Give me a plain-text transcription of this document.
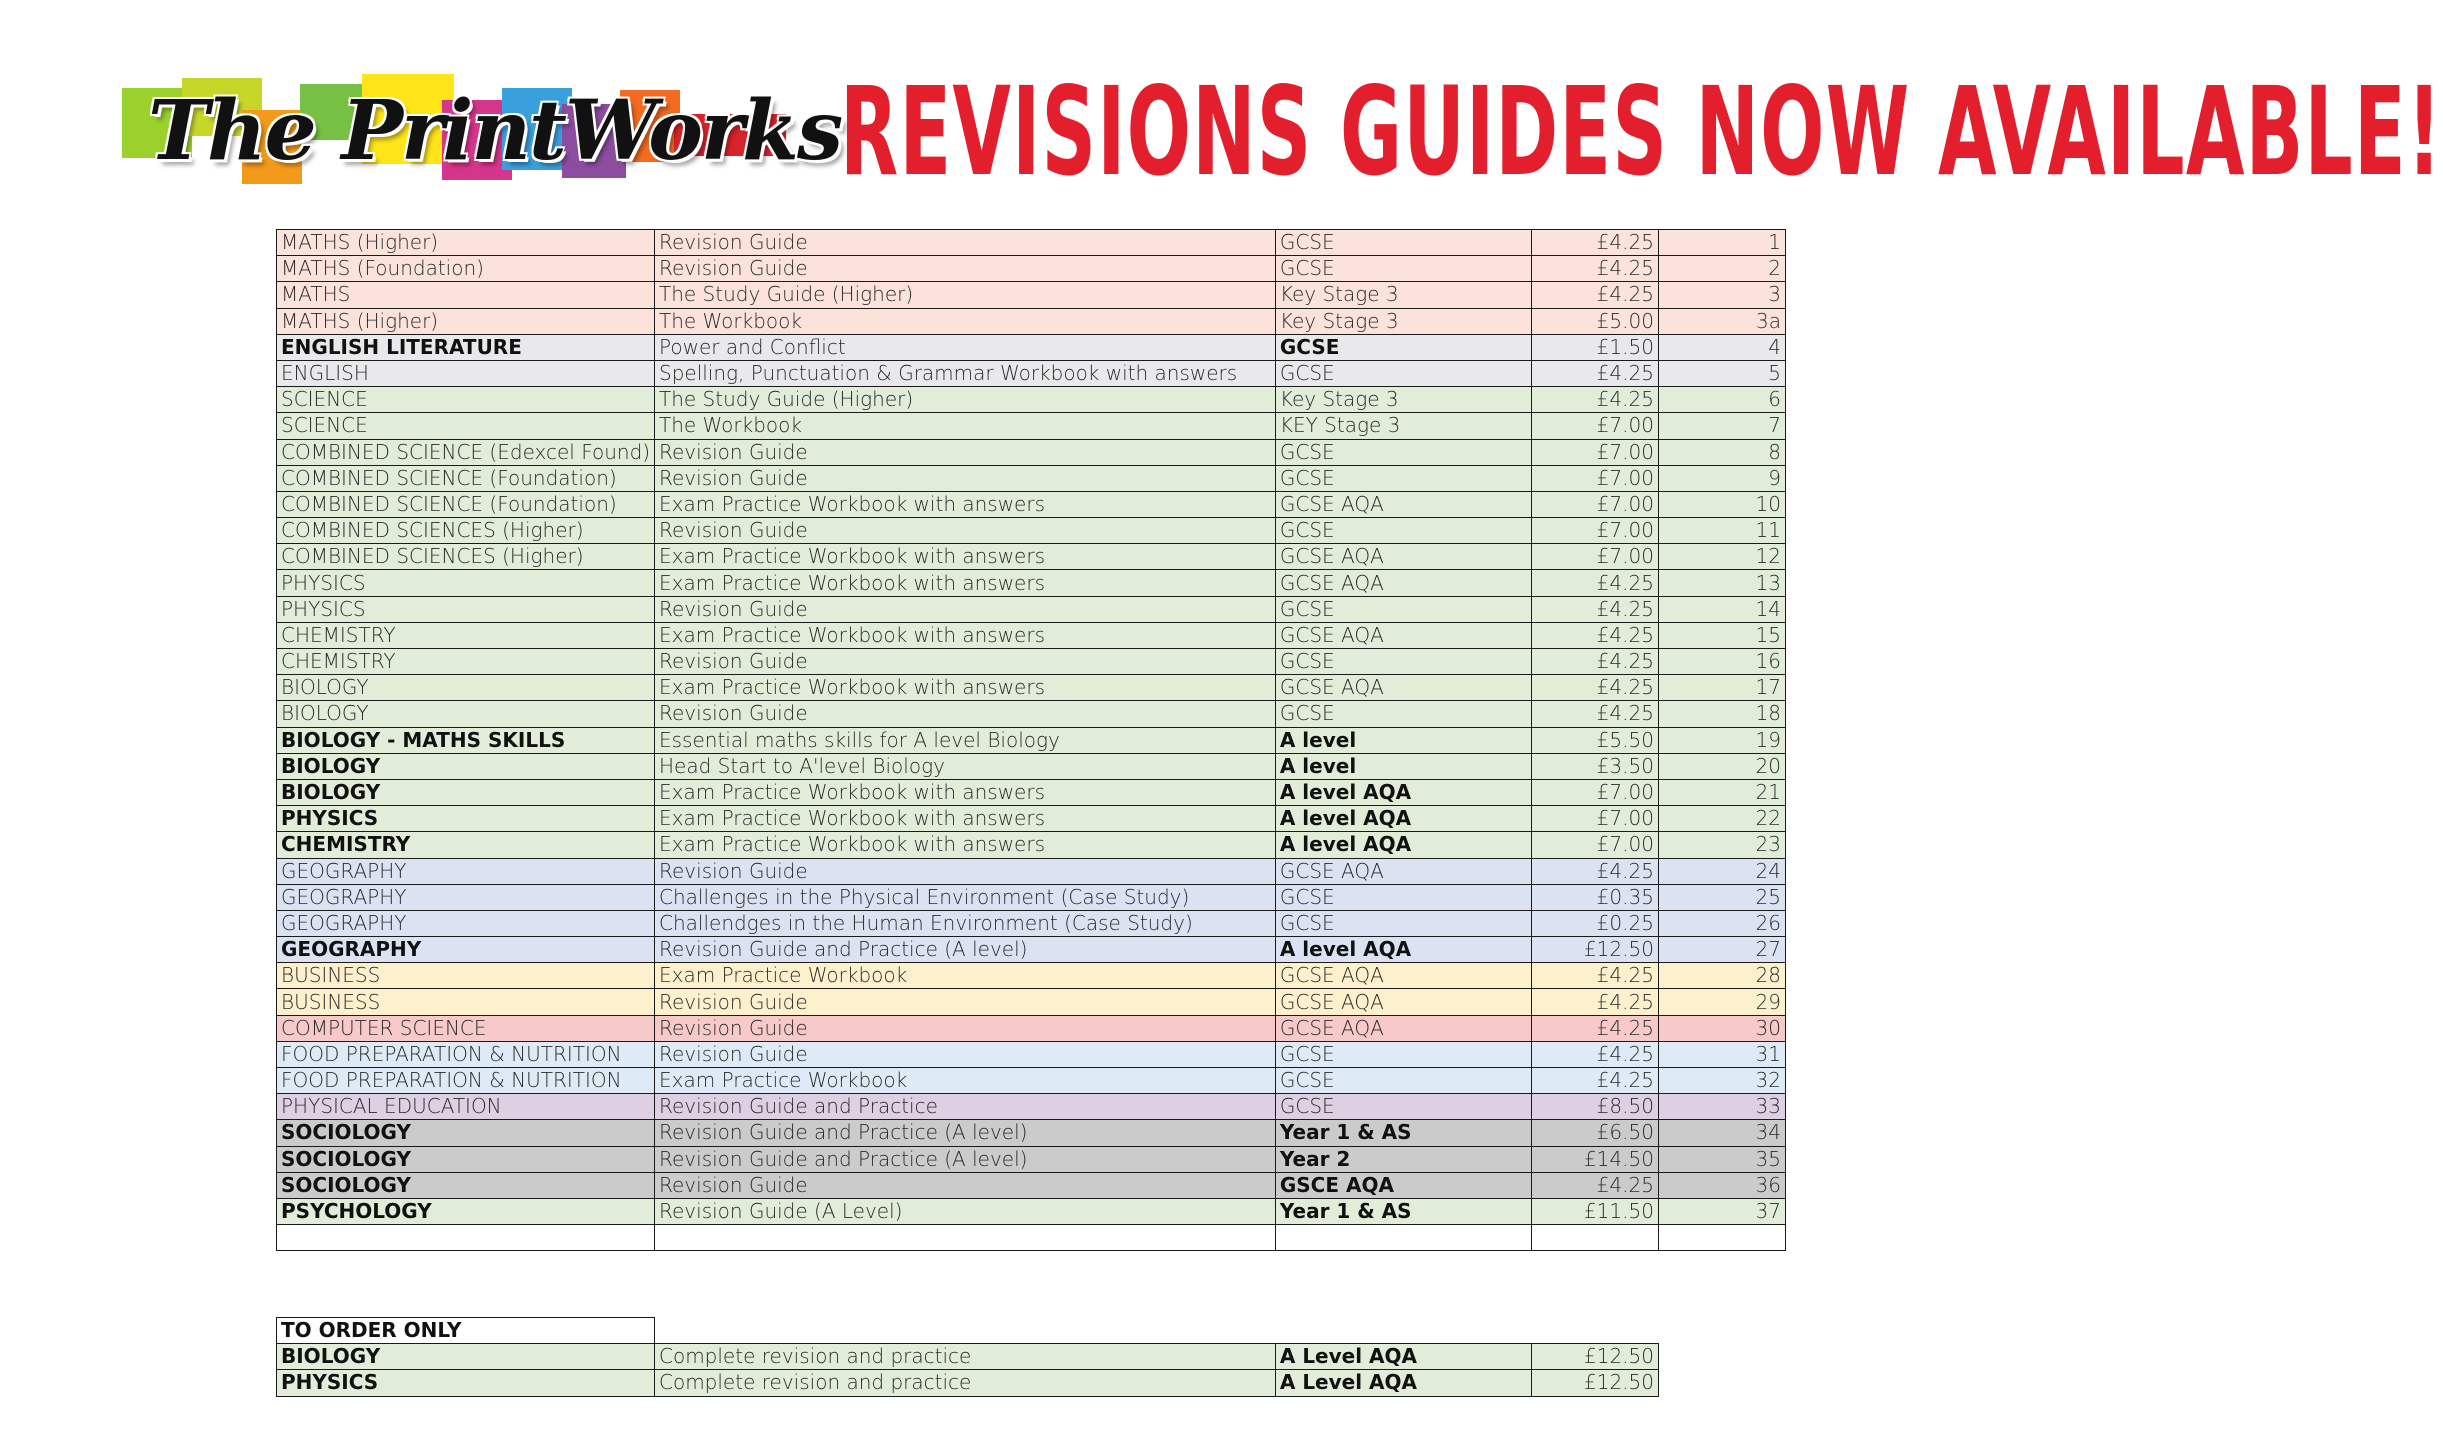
The PrintWorks
REVISIONS GUIDES NOW AVAILABLE!
MATHS (Higher)	Revision Guide	GCSE	£4.25	1
MATHS (Foundation)	Revision Guide	GCSE	£4.25	2
MATHS	The Study Guide (Higher)	Key Stage 3	£4.25	3
MATHS (Higher)	The Workbook	Key Stage 3	£5.00	3a
ENGLISH LITERATURE	Power and Conflict	GCSE	£1.50	4
ENGLISH	Spelling, Punctuation & Grammar Workbook with answers	GCSE	£4.25	5
SCIENCE	The Study Guide (Higher)	Key Stage 3	£4.25	6
SCIENCE	The Workbook	KEY Stage 3	£7.00	7
COMBINED SCIENCE (Edexcel Found)	Revision Guide	GCSE	£7.00	8
COMBINED SCIENCE (Foundation)	Revision Guide	GCSE	£7.00	9
COMBINED SCIENCE (Foundation)	Exam Practice Workbook with answers	GCSE AQA	£7.00	10
COMBINED SCIENCES (Higher)	Revision Guide	GCSE	£7.00	11
COMBINED SCIENCES (Higher)	Exam Practice Workbook with answers	GCSE AQA	£7.00	12
PHYSICS	Exam Practice Workbook with answers	GCSE AQA	£4.25	13
PHYSICS	Revision Guide	GCSE	£4.25	14
CHEMISTRY	Exam Practice Workbook with answers	GCSE AQA	£4.25	15
CHEMISTRY	Revision Guide	GCSE	£4.25	16
BIOLOGY	Exam Practice Workbook with answers	GCSE AQA	£4.25	17
BIOLOGY	Revision Guide	GCSE	£4.25	18
BIOLOGY - MATHS SKILLS	Essential maths skills for A level Biology	A level	£5.50	19
BIOLOGY	Head Start to A'level Biology	A level	£3.50	20
BIOLOGY	Exam Practice Workbook with answers	A level AQA	£7.00	21
PHYSICS	Exam Practice Workbook with answers	A level AQA	£7.00	22
CHEMISTRY	Exam Practice Workbook with answers	A level AQA	£7.00	23
GEOGRAPHY	Revision Guide	GCSE AQA	£4.25	24
GEOGRAPHY	Challenges in the Physical Environment (Case Study)	GCSE	£0.35	25
GEOGRAPHY	Challendges in the Human Environment (Case Study)	GCSE	£0.25	26
GEOGRAPHY	Revision Guide and Practice (A level)	A level AQA	£12.50	27
BUSINESS	Exam Practice Workbook	GCSE AQA	£4.25	28
BUSINESS	Revision Guide	GCSE AQA	£4.25	29
COMPUTER SCIENCE	Revision Guide	GCSE AQA	£4.25	30
FOOD PREPARATION & NUTRITION	Revision Guide	GCSE	£4.25	31
FOOD PREPARATION & NUTRITION	Exam Practice Workbook	GCSE	£4.25	32
PHYSICAL EDUCATION	Revision Guide and Practice	GCSE	£8.50	33
SOCIOLOGY	Revision Guide and Practice (A level)	Year 1 & AS	£6.50	34
SOCIOLOGY	Revision Guide and Practice (A level)	Year 2	£14.50	35
SOCIOLOGY	Revision Guide	GSCE AQA	£4.25	36
PSYCHOLOGY	Revision Guide (A Level)	Year 1 & AS	£11.50	37

TO ORDER ONLY			
BIOLOGY	Complete revision and practice	A Level AQA	£12.50
PHYSICS	Complete revision and practice	A Level AQA	£12.50
